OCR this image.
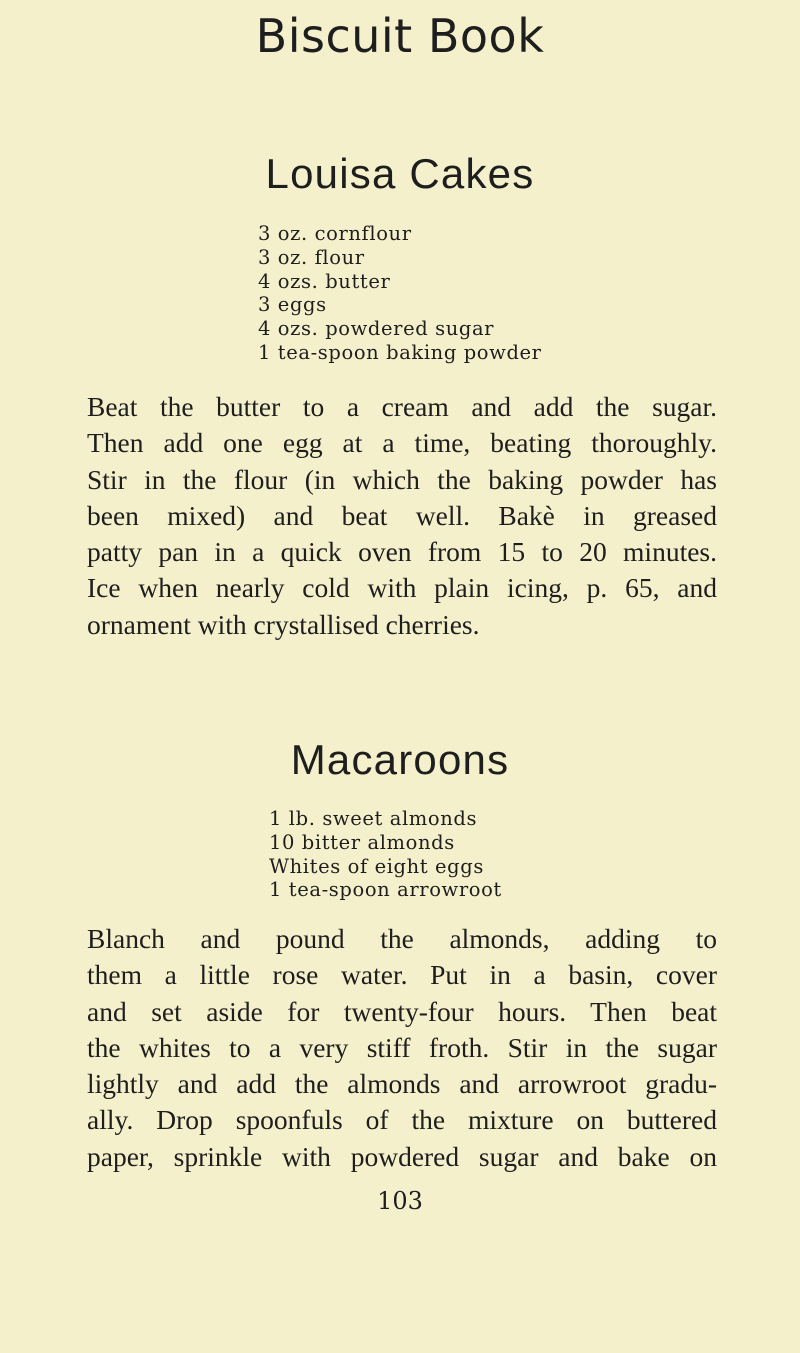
Biscuit Book
Louisa Cakes
3 oz. cornflour
3 oz. flour
4 ozs. butter
3 eggs
4 ozs. powdered sugar
1 tea-spoon baking powder

Beat the butter to a cream and add the sugar.
Then add one egg at a time, beating thoroughly.
Stir in the flour (in which the baking powder has
been mixed) and beat well. Bakè in greased
patty pan in a quick oven from 15 to 20 minutes.
Ice when nearly cold with plain icing, p. 65, and
ornament with crystallised cherries.

Macaroons
1 lb. sweet almonds
10 bitter almonds
Whites of eight eggs
1 tea-spoon arrowroot

Blanch and pound the almonds, adding to
them a little rose water. Put in a basin, cover
and set aside for twenty-four hours. Then beat
the whites to a very stiff froth. Stir in the sugar
lightly and add the almonds and arrowroot gradu-
ally. Drop spoonfuls of the mixture on buttered
paper, sprinkle with powdered sugar and bake on

103
